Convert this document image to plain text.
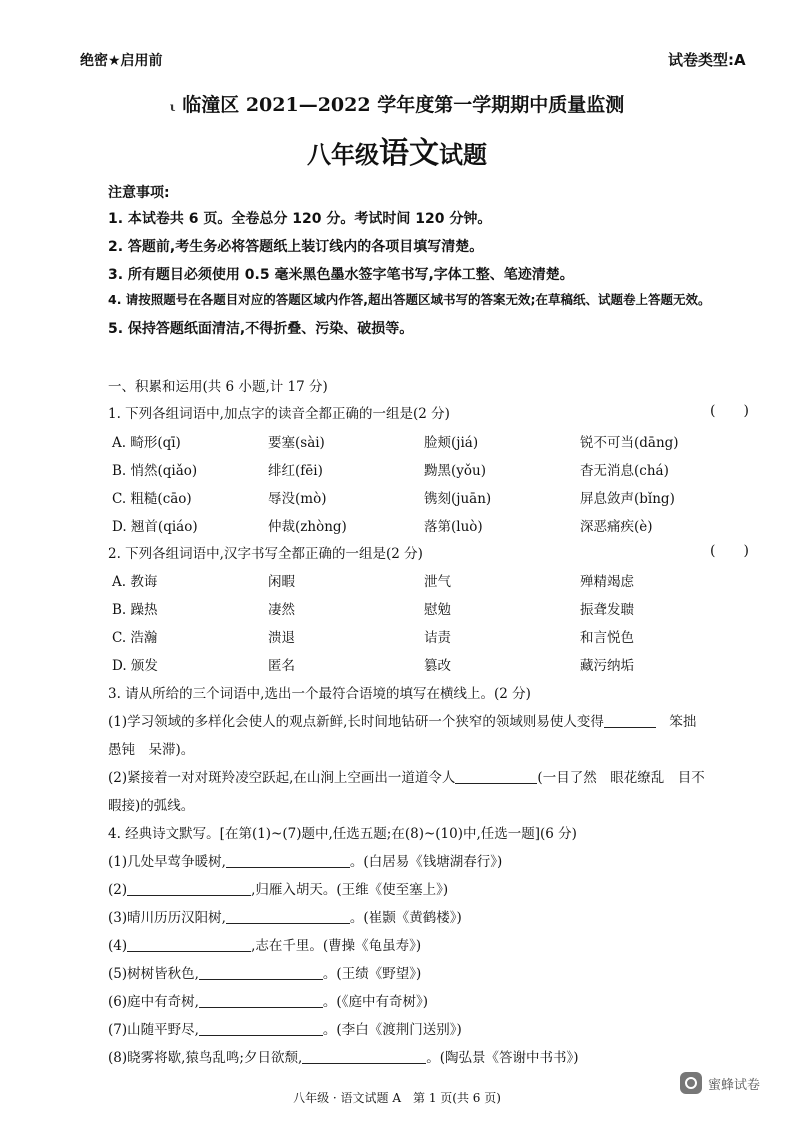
绝密★启用前	试卷类型:A
ι 临潼区 2021—2022 学年度第一学期期中质量监测
八年级语文试题
注意事项:
1. 本试卷共 6 页。全卷总分 120 分。考试时间 120 分钟。
2. 答题前,考生务必将答题纸上装订线内的各项目填写清楚。
3. 所有题目必须使用 0.5 毫米黑色墨水签字笔书写,字体工整、笔迹清楚。
4. 请按照题号在各题目对应的答题区域内作答,超出答题区域书写的答案无效;在草稿纸、试题卷上答题无效。
5. 保持答题纸面清洁,不得折叠、污染、破损等。
一、积累和运用(共 6 小题,计 17 分)
1. 下列各组词语中,加点字的读音全都正确的一组是(2 分)	(　　)
A. 畸形(qī)	要塞(sài)	脸颊(jiá)	锐不可当(dāng)
B. 悄然(qiǎo)	绯红(fēi)	黝黑(yǒu)	杳无消息(chá)
C. 粗糙(cāo)	辱没(mò)	镌刻(juān)	屏息敛声(bǐng)
D. 翘首(qiáo)	仲裁(zhòng)	落第(luò)	深恶痛疾(è)
2. 下列各组词语中,汉字书写全都正确的一组是(2 分)	(　　)
A. 教诲	闲暇	泄气	殚精竭虑
B. 躁热	凄然	慰勉	振聋发聩
C. 浩瀚	溃退	诘责	和言悦色
D. 颁发	匿名	篡改	藏污纳垢
3. 请从所给的三个词语中,选出一个最符合语境的填写在横线上。(2 分)
(1)学习领域的多样化会使人的观点新鲜,长时间地钻研一个狭窄的领域则易使人变得　	笨拙
愚钝　呆滞)。
(2)紧接着一对对斑羚凌空跃起,在山涧上空画出一道道令人	(一目了然　眼花缭乱　目不
暇接)的弧线。
4. 经典诗文默写。[在第(1)~(7)题中,任选五题;在(8)~(10)中,任选一题](6 分)
(1)几处早莺争暖树,	。(白居易《钱塘湖春行》)
(2)	,归雁入胡天。(王维《使至塞上》)
(3)晴川历历汉阳树,	。(崔颢《黄鹤楼》)
(4)	,志在千里。(曹操《龟虽寿》)
(5)树树皆秋色,	。(王绩《野望》)
(6)庭中有奇树,	。(《庭中有奇树》)
(7)山随平野尽,	。(李白《渡荆门送别》)
(8)晓雾将歇,猿鸟乱鸣;夕日欲颓,	。(陶弘景《答谢中书书》)
八年级 · 语文试题 A　第 1 页(共 6 页)
蜜蜂试卷
